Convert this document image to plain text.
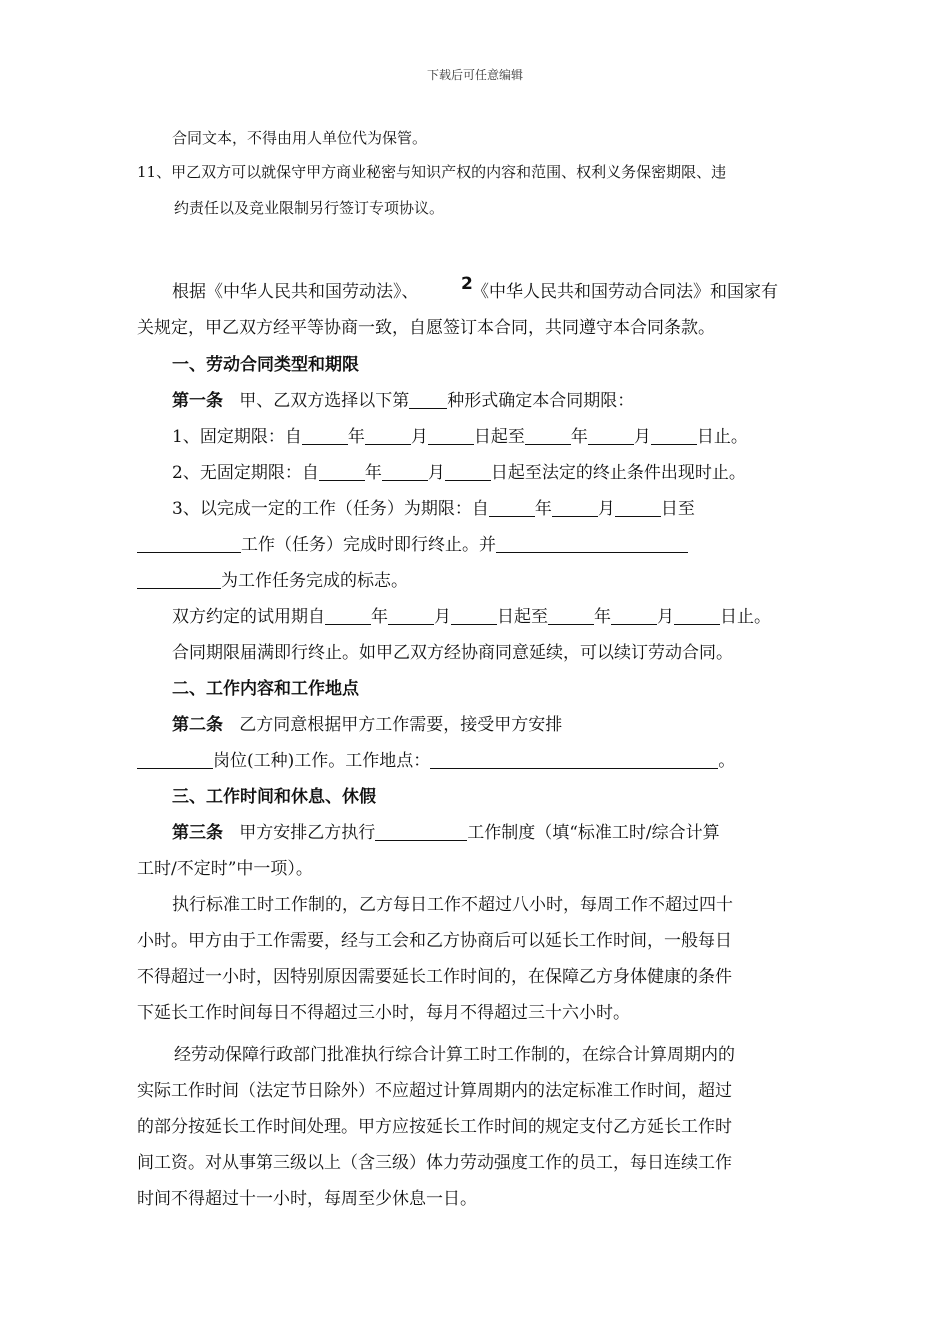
下载后可任意编辑
合同文本，不得由用人单位代为保管。
11、甲乙双方可以就保守甲方商业秘密与知识产权的内容和范围、权利义务保密期限、违
约责任以及竞业限制另行签订专项协议。
根据《中华人民共和国劳动法》、	2 《中华人民共和国劳动合同法》和国家有
关规定，甲乙双方经平等协商一致，自愿签订本合同，共同遵守本合同条款。
一、劳动合同类型和期限
第一条 甲、乙双方选择以下第 种形式确定本合同期限：
1、固定期限：自	年	月	日起至	年	月	日止。
2、无固定期限：自	年	月	日起至法定的终止条件出现时止。
3、以完成一定的工作（任务）为期限：自	年	月	日至
工作（任务）完成时即行终止。并
为工作任务完成的标志。
双方约定的试用期自	年	月	日起至	年	月	日止。
合同期限届满即行终止。如甲乙双方经协商同意延续，可以续订劳动合同。
二、工作内容和工作地点
第二条 乙方同意根据甲方工作需要，接受甲方安排
岗位(工种)工作。工作地点：	。
三、工作时间和休息、休假
第三条 甲方安排乙方执行	工作制度（填“标准工时/综合计算
工时/不定时”中一项）。
执行标准工时工作制的，乙方每日工作不超过八小时，每周工作不超过四十
小时。甲方由于工作需要，经与工会和乙方协商后可以延长工作时间，一般每日
不得超过一小时，因特别原因需要延长工作时间的，在保障乙方身体健康的条件
下延长工作时间每日不得超过三小时，每月不得超过三十六小时。
经劳动保障行政部门批准执行综合计算工时工作制的，在综合计算周期内的
实际工作时间（法定节日除外）不应超过计算周期内的法定标准工作时间，超过
的部分按延长工作时间处理。甲方应按延长工作时间的规定支付乙方延长工作时
间工资。对从事第三级以上（含三级）体力劳动强度工作的员工，每日连续工作
时间不得超过十一小时，每周至少休息一日。
